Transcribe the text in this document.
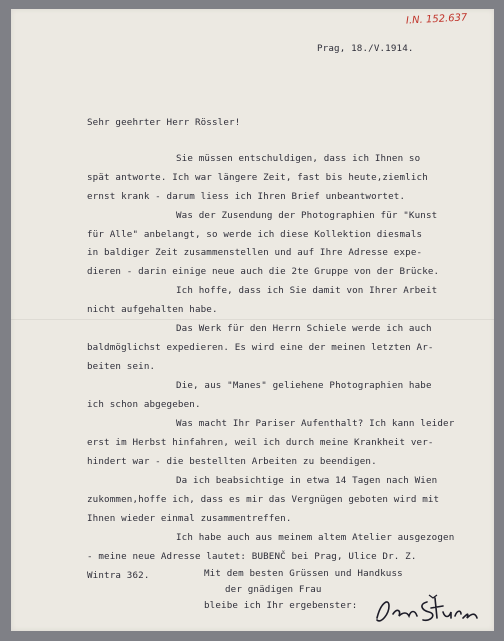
I.N. 152.637
Prag, 18./V.1914.
Sehr geehrter Herr Rössler!
Sie müssen entschuldigen, dass ich Ihnen so
spät antworte. Ich war längere Zeit, fast bis heute,ziemlich
ernst krank - darum liess ich Ihren Brief unbeantwortet.
Was der Zusendung der Photographien für "Kunst
für Alle" anbelangt, so werde ich diese Kollektion diesmals
in baldiger Zeit zusammenstellen und auf Ihre Adresse expe-
dieren - darin einige neue auch die 2te Gruppe von der Brücke.
Ich hoffe, dass ich Sie damit von Ihrer Arbeit
nicht aufgehalten habe.
Das Werk für den Herrn Schiele werde ich auch
baldmöglichst expedieren. Es wird eine der meinen letzten Ar-
beiten sein.
Die, aus "Manes" geliehene Photographien habe
ich schon abgegeben.
Was macht Ihr Pariser Aufenthalt? Ich kann leider
erst im Herbst hinfahren, weil ich durch meine Krankheit ver-
hindert war - die bestellten Arbeiten zu beendigen.
Da ich beabsichtige in etwa 14 Tagen nach Wien
zukommen,hoffe ich, dass es mir das Vergnügen geboten wird mit
Ihnen wieder einmal zusammentreffen.
Ich habe auch aus meinem altem Atelier ausgezogen
- meine neue Adresse lautet: BUBENČ bei Prag, Ulice Dr. Z.
Wintra 362.	Mit dem besten Grüssen und Handkuss
der gnädigen Frau
bleibe ich Ihr ergebenster:
